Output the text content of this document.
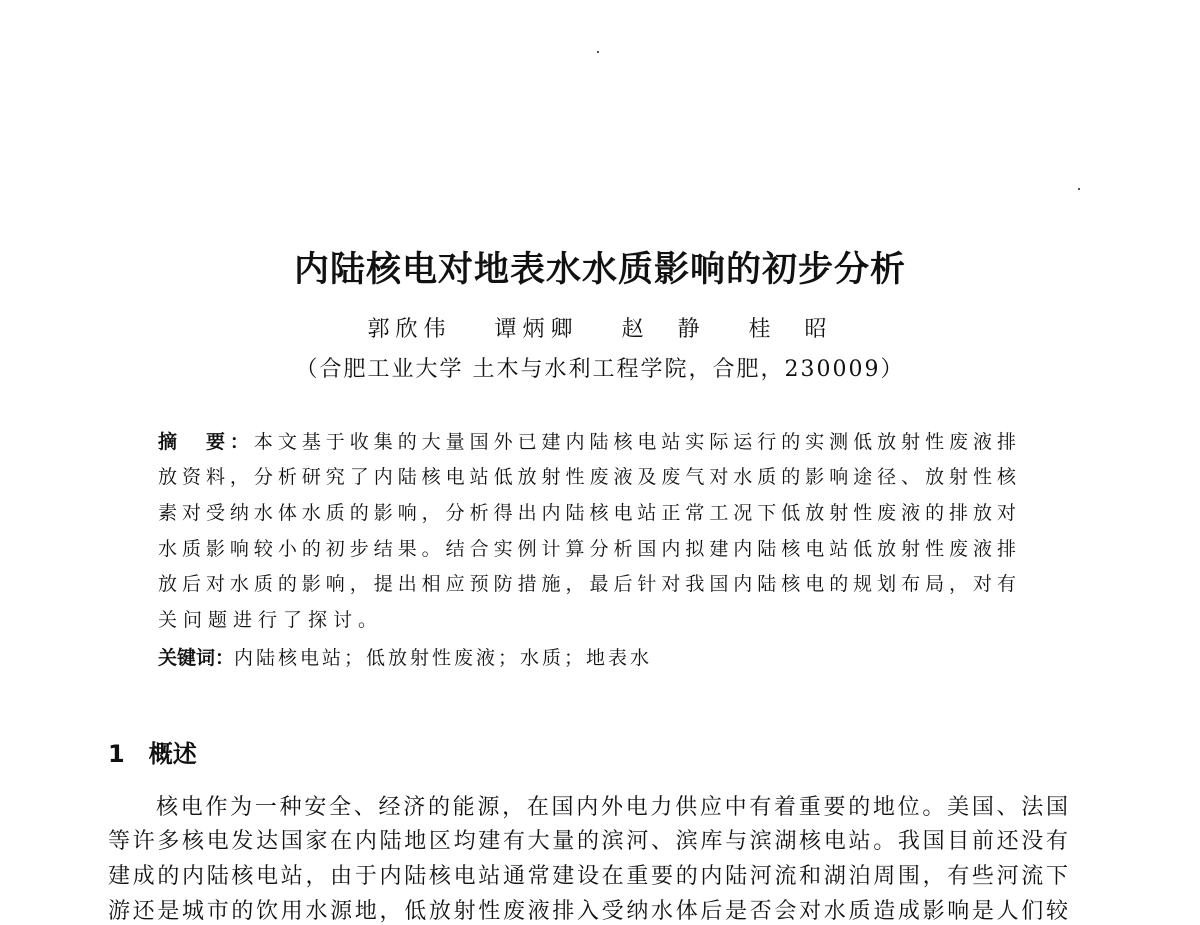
内陆核电对地表水水质影响的初步分析
郭欣伟 谭炳卿 赵　静 桂　昭
（合肥工业大学 土木与水利工程学院，合肥，230009）
摘　要：本文基于收集的大量国外已建内陆核电站实际运行的实测低放射性废液排
放资料，分析研究了内陆核电站低放射性废液及废气对水质的影响途径、放射性核
素对受纳水体水质的影响，分析得出内陆核电站正常工况下低放射性废液的排放对
水质影响较小的初步结果。结合实例计算分析国内拟建内陆核电站低放射性废液排
放后对水质的影响，提出相应预防措施，最后针对我国内陆核电的规划布局，对有
关问题进行了探讨。
关键词：内陆核电站；低放射性废液；水质；地表水
1 概述
核电作为一种安全、经济的能源，在国内外电力供应中有着重要的地位。美国、法国
等许多核电发达国家在内陆地区均建有大量的滨河、滨库与滨湖核电站。我国目前还没有
建成的内陆核电站，由于内陆核电站通常建设在重要的内陆河流和湖泊周围，有些河流下
游还是城市的饮用水源地，低放射性废液排入受纳水体后是否会对水质造成影响是人们较
